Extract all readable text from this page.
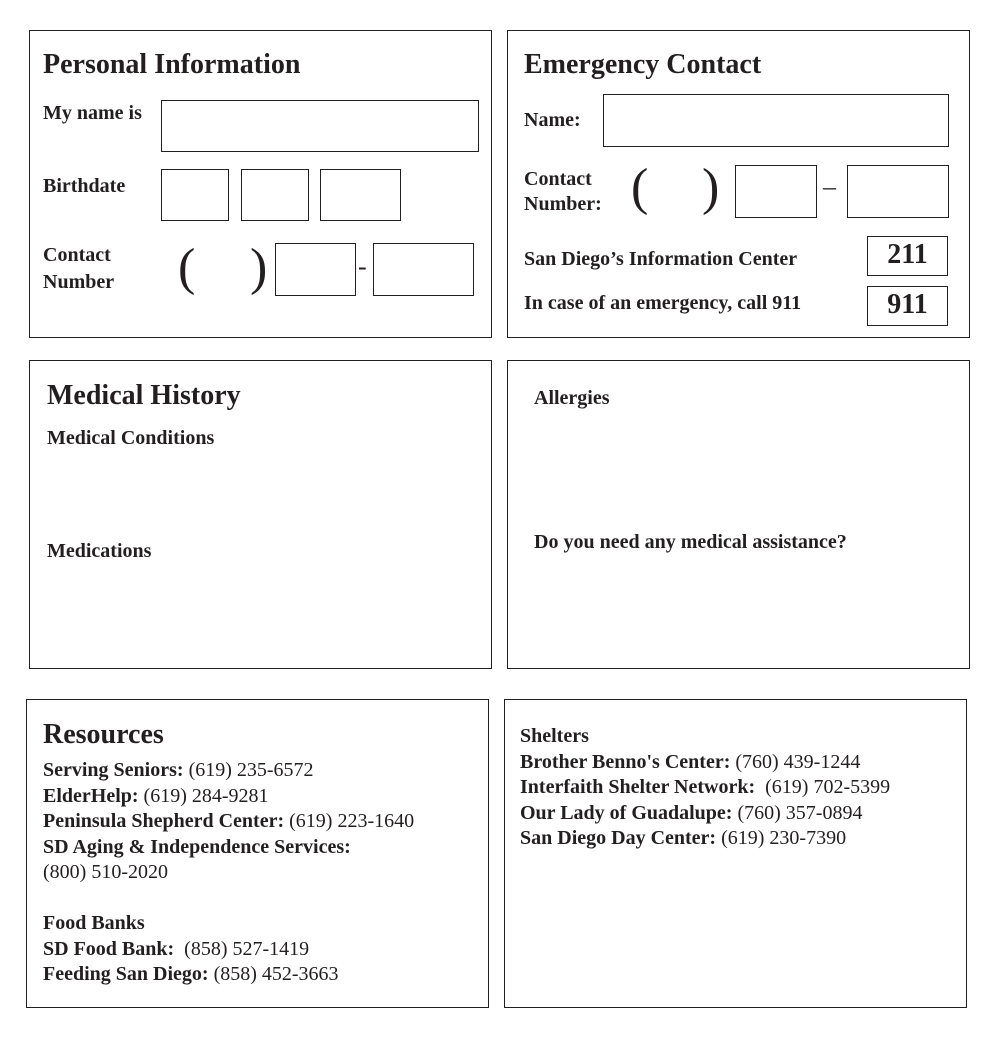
Personal Information
My name is
Birthdate
Contact
Number ( )	-
Emergency Contact
Name:
Contact
Number: ( )	–
San Diego’s Information Center	211
In case of an emergency, call 911	911
Medical History
Medical Conditions
Medications
Allergies
Do you need any medical assistance?
Resources
Serving Seniors: (619) 235-6572
ElderHelp: (619) 284-9281
Peninsula Shepherd Center: (619) 223-1640
SD Aging & Independence Services:
(800) 510-2020
Food Banks
SD Food Bank:  (858) 527-1419
Feeding San Diego: (858) 452-3663
Shelters
Brother Benno's Center: (760) 439-1244
Interfaith Shelter Network:  (619) 702-5399
Our Lady of Guadalupe: (760) 357-0894
San Diego Day Center: (619) 230-7390
